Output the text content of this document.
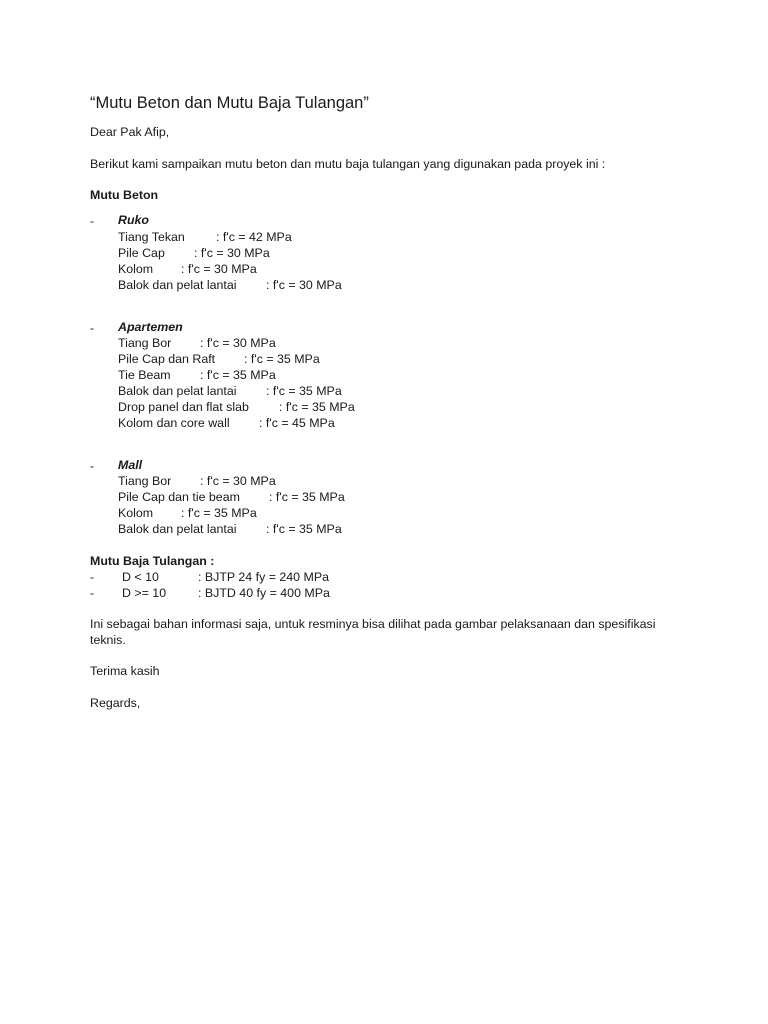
“Mutu Beton dan Mutu Baja Tulangan”
Dear Pak Afip,
Berikut kami sampaikan mutu beton dan mutu baja tulangan yang digunakan pada proyek ini :
Mutu Beton
- Ruko
Tiang Tekan	: f'c = 42 MPa
Pile Cap : f'c = 30 MPa
Kolom : f'c = 30 MPa
Balok dan pelat lantai : f'c = 30 MPa
- Apartemen
Tiang Bor : f'c = 30 MPa
Pile Cap dan Raft : f'c = 35 MPa
Tie Beam : f'c = 35 MPa
Balok dan pelat lantai : f'c = 35 MPa
Drop panel dan flat slab : f'c = 35 MPa
Kolom dan core wall : f'c = 45 MPa
- Mall
Tiang Bor : f'c = 30 MPa
Pile Cap dan tie beam : f'c = 35 MPa
Kolom : f'c = 35 MPa
Balok dan pelat lantai : f'c = 35 MPa
Mutu Baja Tulangan :
- D < 10	: BJTP 24 fy = 240 MPa
- D >= 10	: BJTD 40 fy = 400 MPa
Ini sebagai bahan informasi saja, untuk resminya bisa dilihat pada gambar pelaksanaan dan spesifikasi teknis.
Terima kasih
Regards,
